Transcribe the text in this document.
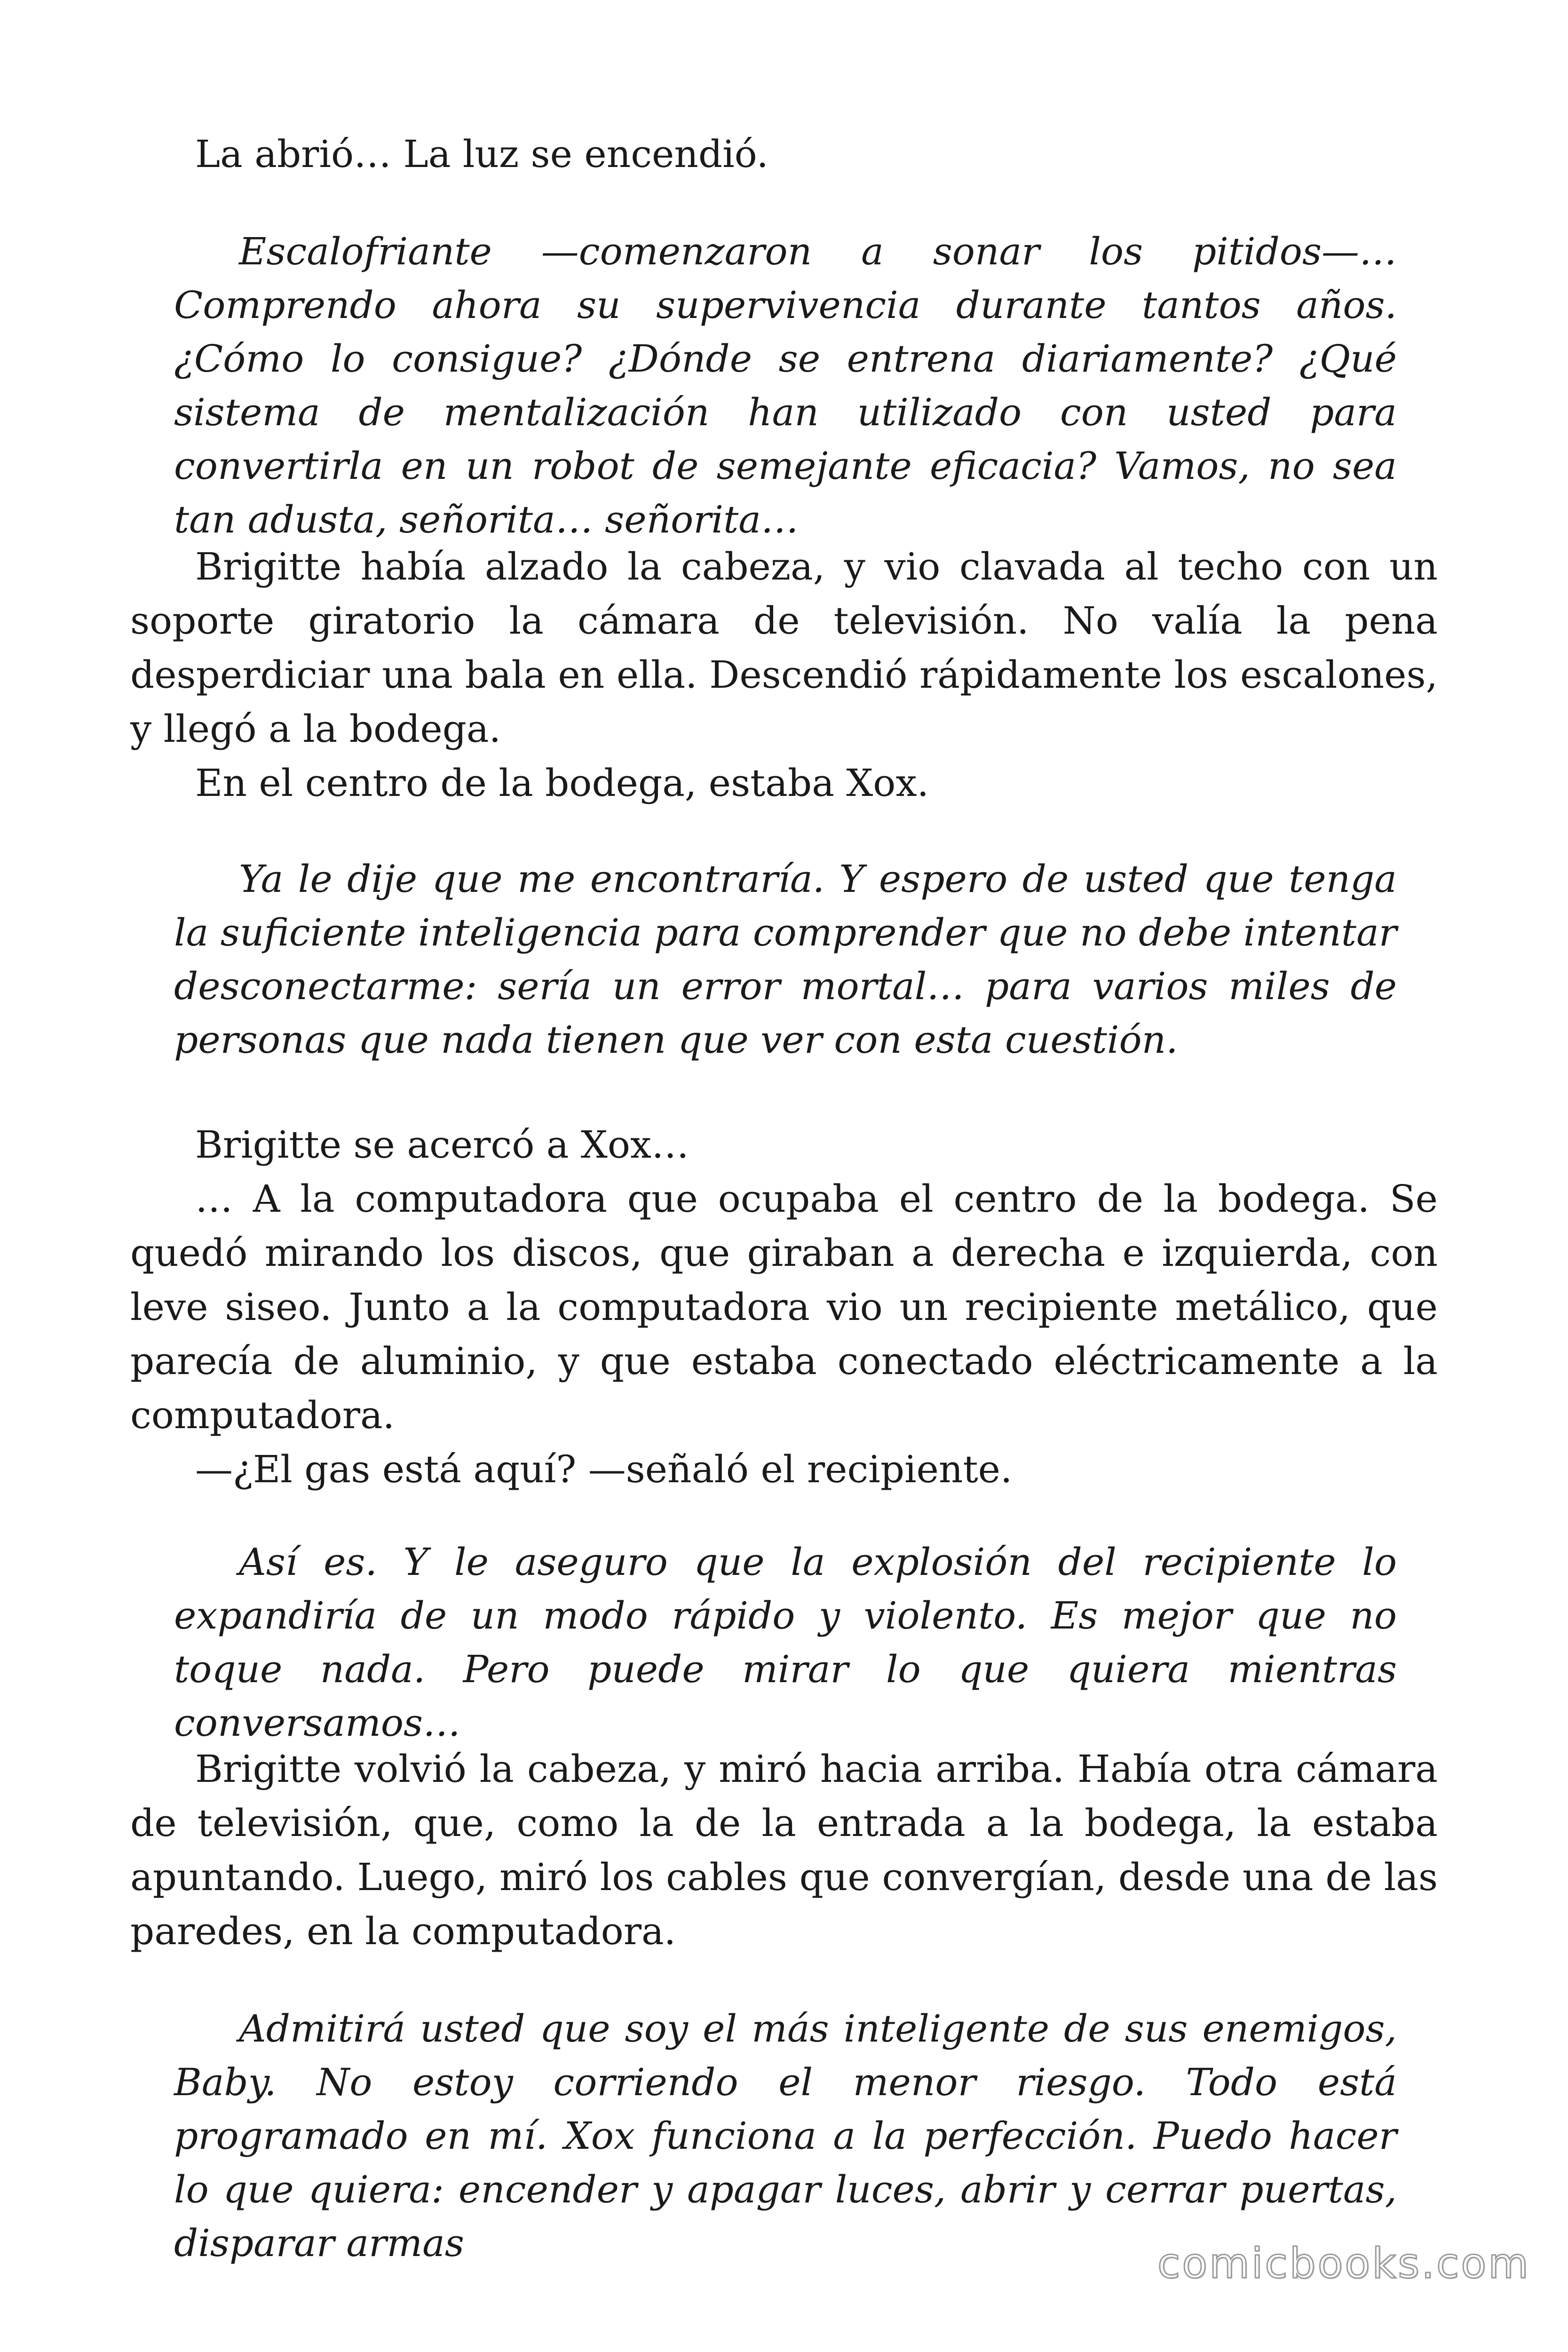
La abrió… La luz se encendió.

Escalofriante —comenzaron a sonar los pitidos—… Comprendo ahora su supervivencia durante tantos años. ¿Cómo lo consigue? ¿Dónde se entrena diariamente? ¿Qué sistema de mentalización han utilizado con usted para convertirla en un robot de semejante eficacia? Vamos, no sea tan adusta, señorita… señorita…

Brigitte había alzado la cabeza, y vio clavada al techo con un soporte giratorio la cámara de televisión. No valía la pena desperdiciar una bala en ella. Descendió rápidamente los escalones, y llegó a la bodega.

En el centro de la bodega, estaba Xox.

Ya le dije que me encontraría. Y espero de usted que tenga la suficiente inteligencia para comprender que no debe intentar desconectarme: sería un error mortal… para varios miles de personas que nada tienen que ver con esta cuestión.

Brigitte se acercó a Xox…

… A la computadora que ocupaba el centro de la bodega. Se quedó mirando los discos, que giraban a derecha e izquierda, con leve siseo. Junto a la computadora vio un recipiente metálico, que parecía de aluminio, y que estaba conectado eléctricamente a la computadora.

—¿El gas está aquí? —señaló el recipiente.

Así es. Y le aseguro que la explosión del recipiente lo expandiría de un modo rápido y violento. Es mejor que no toque nada. Pero puede mirar lo que quiera mientras conversamos…

Brigitte volvió la cabeza, y miró hacia arriba. Había otra cámara de televisión, que, como la de la entrada a la bodega, la estaba apuntando. Luego, miró los cables que convergían, desde una de las paredes, en la computadora.

Admitirá usted que soy el más inteligente de sus enemigos, Baby. No estoy corriendo el menor riesgo. Todo está programado en mí. Xox funciona a la perfección. Puedo hacer lo que quiera: encender y apagar luces, abrir y cerrar puertas, disparar armas	comicbooks.com
